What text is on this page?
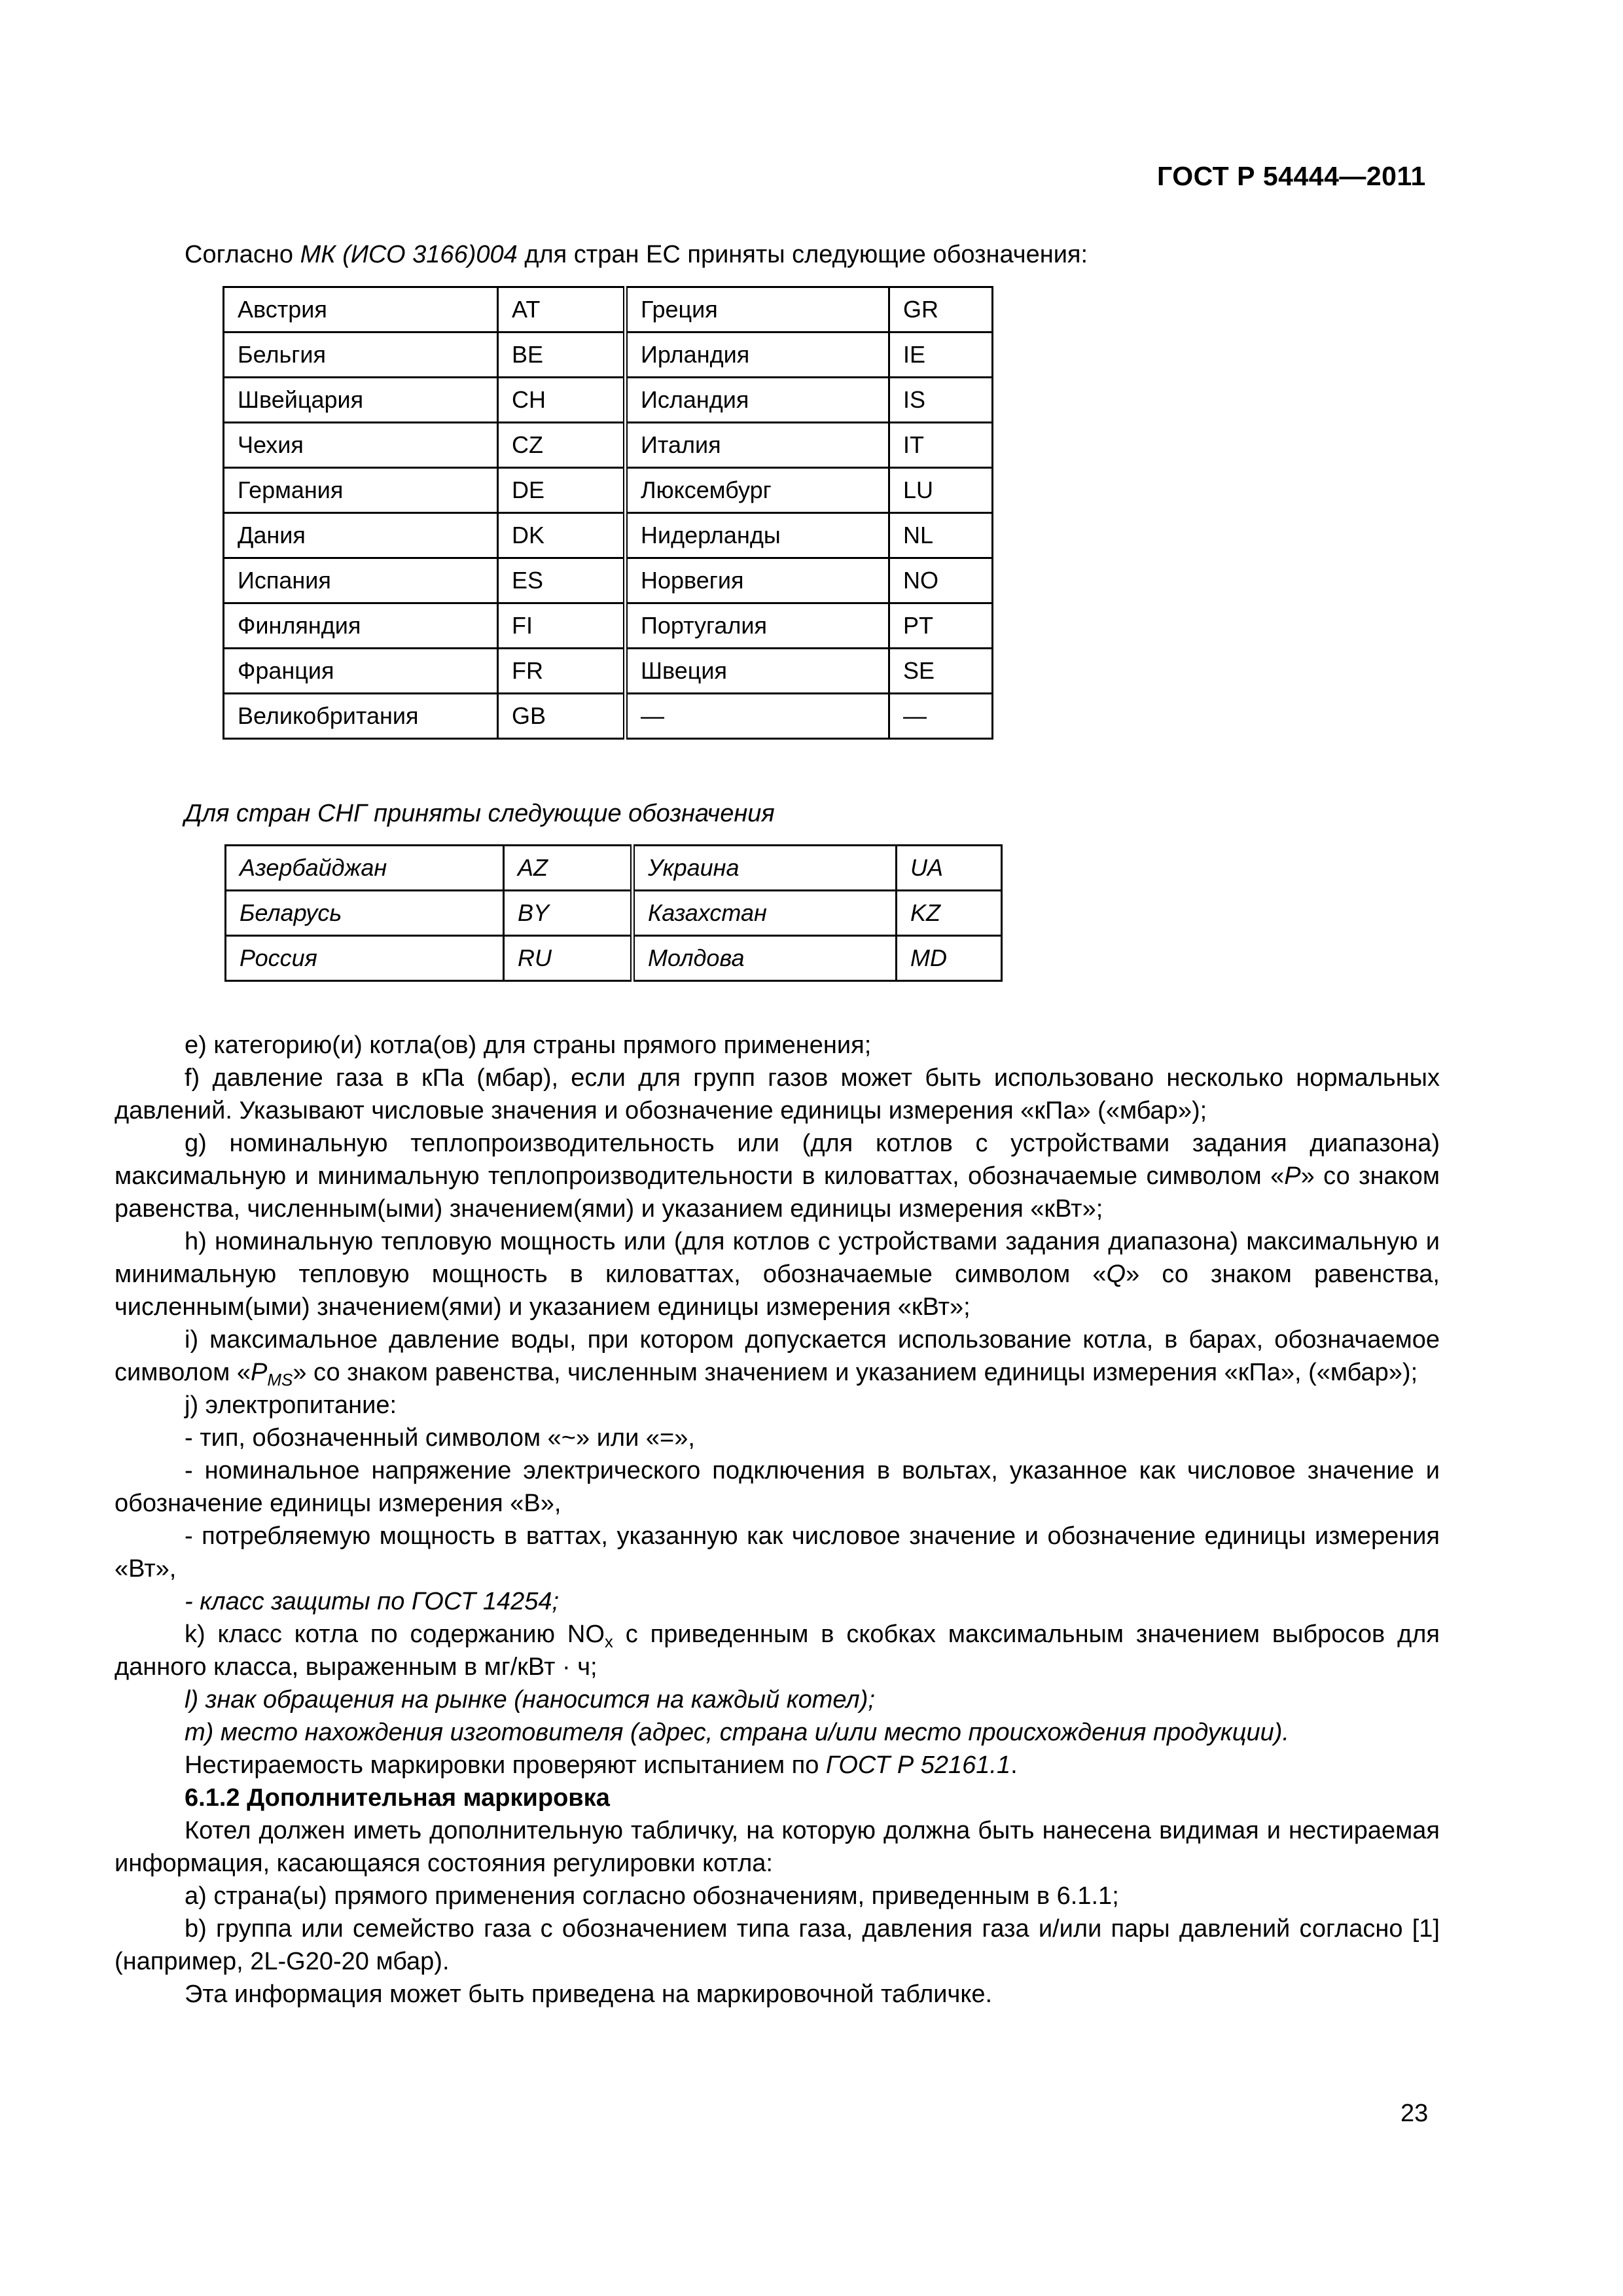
ГОСТ Р 54444—2011
Согласно МК (ИСО 3166)004 для стран ЕС приняты следующие обозначения:
Австрия	AT	Греция	GR
Бельгия	BE	Ирландия	IE
Швейцария	CH	Исландия	IS
Чехия	CZ	Италия	IT
Германия	DE	Люксембург	LU
Дания	DK	Нидерланды	NL
Испания	ES	Норвегия	NO
Финляндия	FI	Португалия	PT
Франция	FR	Швеция	SE
Великобритания	GB	—	—
Для стран СНГ приняты следующие обозначения
Азербайджан	AZ	Украина	UA
Беларусь	BY	Казахстан	KZ
Россия	RU	Молдова	MD

e) категорию(и) котла(ов) для страны прямого применения;

f) давление газа в кПа (мбар), если для групп газов может быть использовано несколько нормальных давлений. Указывают числовые значения и обозначение единицы измерения «кПа» («мбар»);

g) номинальную теплопроизводительность или (для котлов с устройствами задания диапазона) максимальную и минимальную теплопроизводительности в киловаттах, обозначаемые символом «P» со знаком равенства, численным(ыми) значением(ями) и указанием единицы измерения «кВт»;

h) номинальную тепловую мощность или (для котлов с устройствами задания диапазона) максимальную и минимальную тепловую мощность в киловаттах, обозначаемые символом «Q» со знаком равенства, численным(ыми) значением(ями) и указанием единицы измерения «кВт»;

i) максимальное давление воды, при котором допускается использование котла, в барах, обозначаемое символом «$P_{MS}$» со знаком равенства, численным значением и указанием единицы измерения «кПа», («мбар»);

j) электропитание:

- тип, обозначенный символом «~» или «=»,

- номинальное напряжение электрического подключения в вольтах, указанное как числовое значение и обозначение единицы измерения «В»,

- потребляемую мощность в ваттах, указанную как числовое значение и обозначение единицы измерения «Вт»,

- класс защиты по ГОСТ 14254;

k) класс котла по содержанию $NO_x$ с приведенным в скобках максимальным значением выбросов для данного класса, выраженным в мг/кВт · ч;

l) знак обращения на рынке (наносится на каждый котел);

m) место нахождения изготовителя (адрес, страна и/или место происхождения продукции).

Нестираемость маркировки проверяют испытанием по ГОСТ Р 52161.1.

6.1.2 Дополнительная маркировка

Котел должен иметь дополнительную табличку, на которую должна быть нанесена видимая и нестираемая информация, касающаяся состояния регулировки котла:

a) страна(ы) прямого применения согласно обозначениям, приведенным в 6.1.1;

b) группа или семейство газа с обозначением типа газа, давления газа и/или пары давлений согласно [1] (например, 2L-G20-20 мбар).

Эта информация может быть приведена на маркировочной табличке.

23
